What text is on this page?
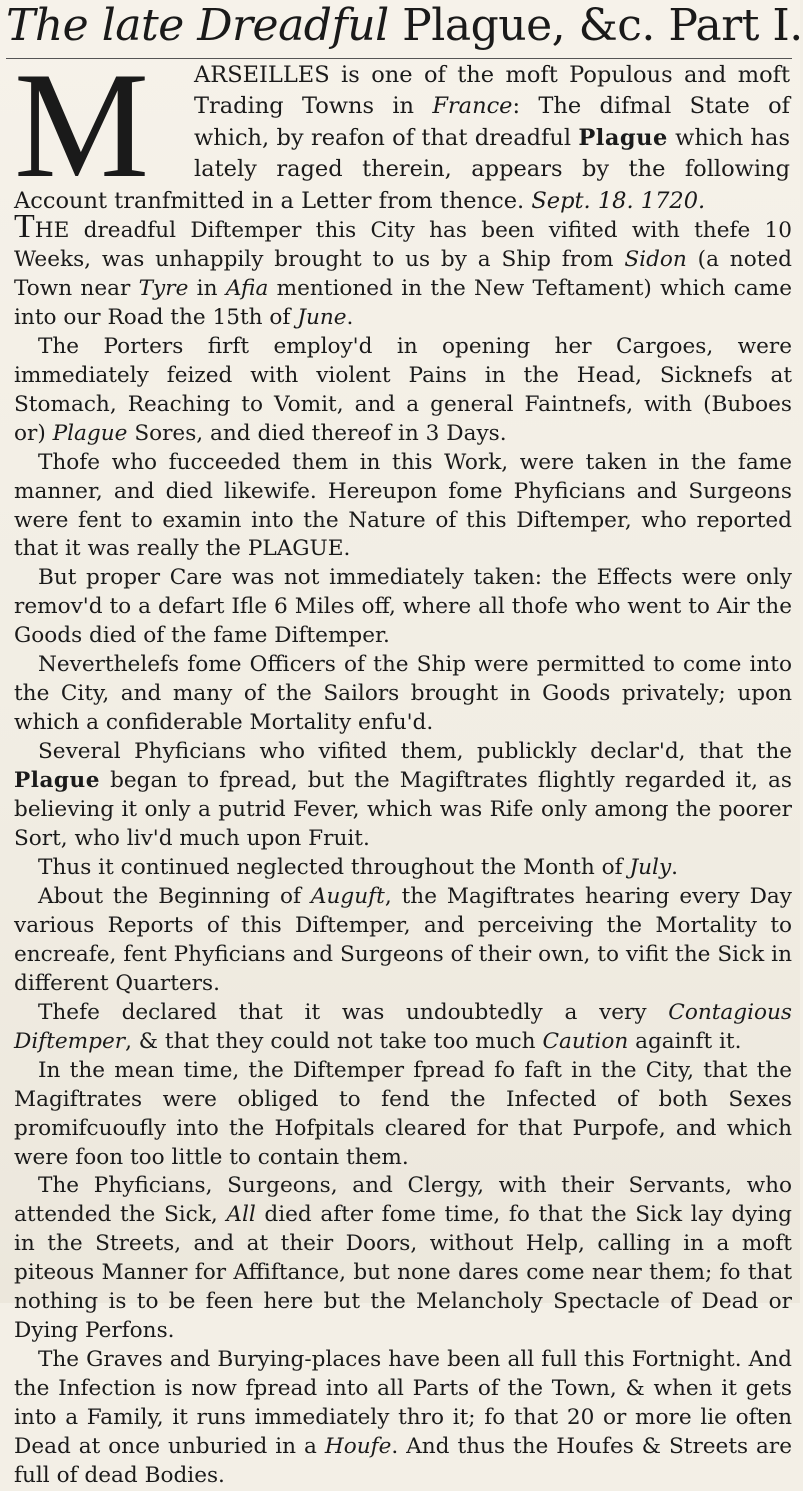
The late Dreadful Plague, &c. Part I.
M	ARSEILLES is one of the moft Populous and moft Trading Towns in France: The difmal State of which, by reafon of that dreadful Plague which has lately raged therein, appears by the following Account tranfmitted in a Letter from thence. Sept. 18. 1720.

THE dreadful Diftemper this City has been vifited with thefe 10 Weeks, was unhappily brought to us by a Ship from Sidon (a noted Town near Tyre in Afia mentioned in the New Teftament) which came into our Road the 15th of June.

The Porters firft employ'd in opening her Cargoes, were immediately feized with violent Pains in the Head, Sicknefs at Stomach, Reaching to Vomit, and a general Faintnefs, with (Buboes or) Plague Sores, and died thereof in 3 Days.

Thofe who fucceeded them in this Work, were taken in the fame manner, and died likewife. Hereupon fome Phyficians and Surgeons were fent to examin into the Nature of this Diftemper, who reported that it was really the PLAGUE.

But proper Care was not immediately taken: the Effects were only remov'd to a defart Ifle 6 Miles off, where all thofe who went to Air the Goods died of the fame Diftemper.

Neverthelefs fome Officers of the Ship were permitted to come into the City, and many of the Sailors brought in Goods privately; upon which a confiderable Mortality enfu'd.

Several Phyficians who vifited them, publickly declar'd, that the Plague began to fpread, but the Magiftrates flightly regarded it, as believing it only a putrid Fever, which was Rife only among the poorer Sort, who liv'd much upon Fruit.

Thus it continued neglected throughout the Month of July.

About the Beginning of Auguft, the Magiftrates hearing every Day various Reports of this Diftemper, and perceiving the Mortality to encreafe, fent Phyficians and Surgeons of their own, to vifit the Sick in different Quarters.

Thefe declared that it was undoubtedly a very Contagious Diftemper, & that they could not take too much Caution againft it.

In the mean time, the Diftemper fpread fo faft in the City, that the Magiftrates were obliged to fend the Infected of both Sexes promifcuoufly into the Hofpitals cleared for that Purpofe, and which were foon too little to contain them.

The Phyficians, Surgeons, and Clergy, with their Servants, who attended the Sick, All died after fome time, fo that the Sick lay dying in the Streets, and at their Doors, without Help, calling in a moft piteous Manner for Affiftance, but none dares come near them; fo that nothing is to be feen here but the Melancholy Spectacle of Dead or Dying Perfons.

The Graves and Burying-places have been all full this Fortnight. And the Infection is now fpread into all Parts of the Town, & when it gets into a Family, it runs immediately thro it; fo that 20 or more lie often Dead at once unburied in a Houfe. And thus the Houfes & Streets are full of dead Bodies.
